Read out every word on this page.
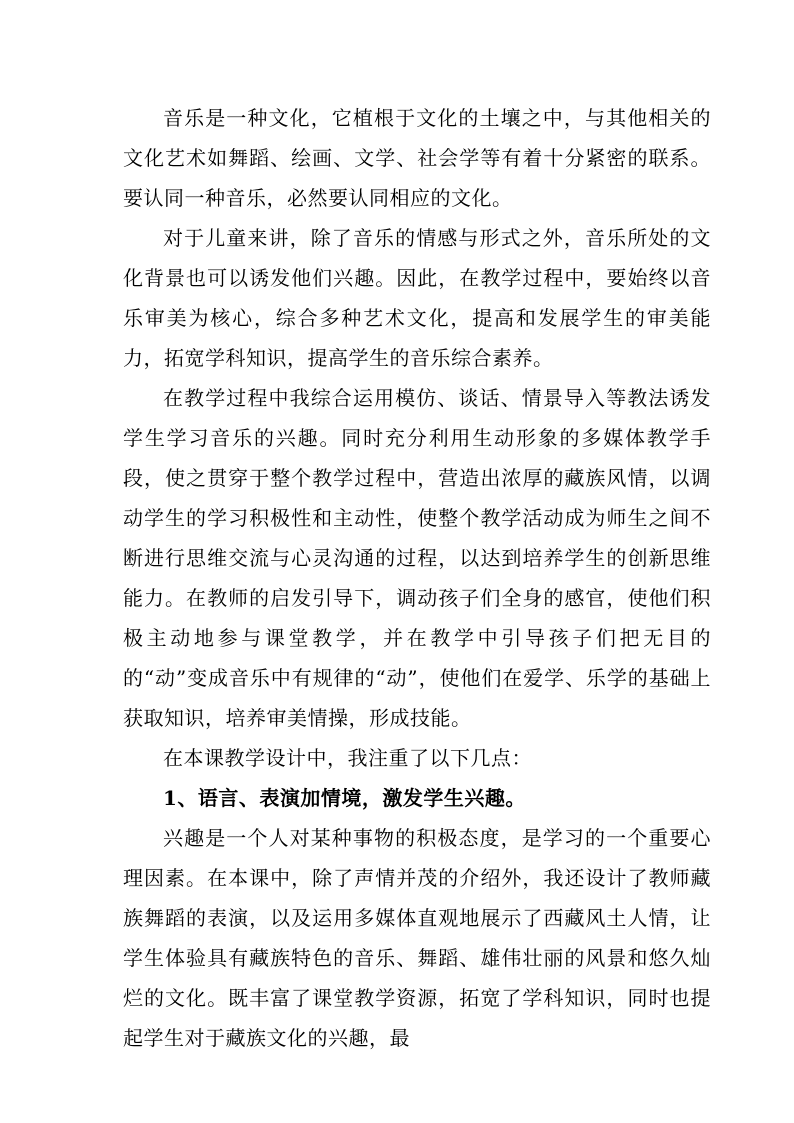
音乐是一种文化，它植根于文化的土壤之中，与其他相关的文化艺术如舞蹈、绘画、文学、社会学等有着十分紧密的联系。要认同一种音乐，必然要认同相应的文化。

对于儿童来讲，除了音乐的情感与形式之外，音乐所处的文化背景也可以诱发他们兴趣。因此，在教学过程中，要始终以音乐审美为核心，综合多种艺术文化，提高和发展学生的审美能力，拓宽学科知识，提高学生的音乐综合素养。

在教学过程中我综合运用模仿、谈话、情景导入等教法诱发学生学习音乐的兴趣。同时充分利用生动形象的多媒体教学手段，使之贯穿于整个教学过程中，营造出浓厚的藏族风情，以调动学生的学习积极性和主动性，使整个教学活动成为师生之间不断进行思维交流与心灵沟通的过程，以达到培养学生的创新思维能力。在教师的启发引导下，调动孩子们全身的感官，使他们积极主动地参与课堂教学，并在教学中引导孩子们把无目的的“动”变成音乐中有规律的“动”，使他们在爱学、乐学的基础上获取知识，培养审美情操，形成技能。

在本课教学设计中，我注重了以下几点：

1、语言、表演加情境，激发学生兴趣。

兴趣是一个人对某种事物的积极态度，是学习的一个重要心理因素。在本课中，除了声情并茂的介绍外，我还设计了教师藏族舞蹈的表演，以及运用多媒体直观地展示了西藏风土人情，让学生体验具有藏族特色的音乐、舞蹈、雄伟壮丽的风景和悠久灿烂的文化。既丰富了课堂教学资源，拓宽了学科知识，同时也提起学生对于藏族文化的兴趣，最
